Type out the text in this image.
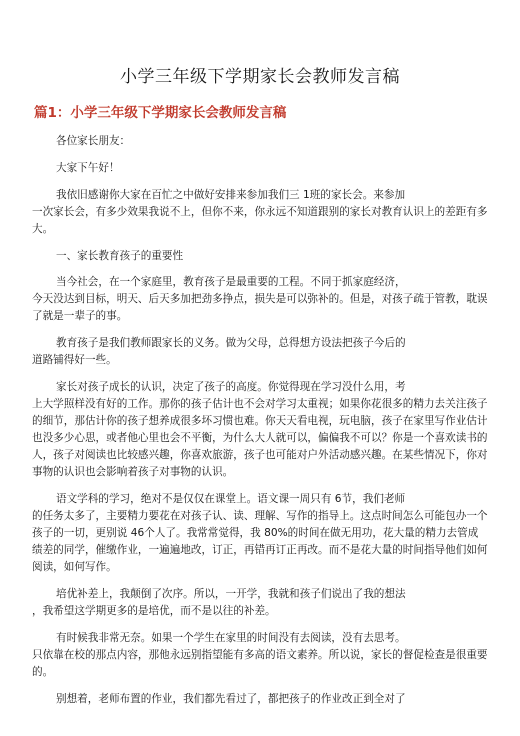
小学三年级下学期家长会教师发言稿
篇1：小学三年级下学期家长会教师发言稿

各位家长朋友：

大家下午好！

我依旧感谢你大家在百忙之中做好安排来参加我们三 1班的家长会。来参加
一次家长会，有多少效果我说不上，但你不来，你永远不知道跟别的家长对教育认识上的差距有多大。

一、家长教育孩子的重要性

当今社会，在一个家庭里，教育孩子是最重要的工程。不同于抓家庭经济，
今天没达到目标，明天、后天多加把劲多挣点，损失是可以弥补的。但是，对孩子疏于管教，耽误了就是一辈子的事。

教育孩子是我们教师跟家长的义务。做为父母，总得想方设法把孩子今后的
道路铺得好一些。

家长对孩子成长的认识，决定了孩子的高度。你觉得现在学习没什么用，考
上大学照样没有好的工作。那你的孩子估计也不会对学习太重视；如果你花很多的精力去关注孩子的细节，那估计你的孩子想养成很多坏习惯也难。你天天看电视，玩电脑，孩子在家里写作业估计也没多少心思，或者他心里也会不平衡，为什么大人就可以，偏偏我不可以？你是一个喜欢读书的人，孩子对阅读也比较感兴趣，你喜欢旅游，孩子也可能对户外活动感兴趣。在某些情况下，你对事物的认识也会影响着孩子对事物的认识。

语文学科的学习，绝对不是仅仅在课堂上。语文课一周只有 6节，我们老师
的任务太多了，主要精力要花在对孩子认、读、理解、写作的指导上。这点时间怎么可能包办一个孩子的一切，更别说 46个人了。我常常觉得，我 80%的时间在做无用功，花大量的精力去管成绩差的同学，催缴作业，一遍遍地改，订正，再错再订正再改。而不是花大量的时间指导他们如何阅读，如何写作。

培优补差上，我颠倒了次序。所以，一开学，我就和孩子们说出了我的想法
，我希望这学期更多的是培优，而不是以往的补差。

有时候我非常无奈。如果一个学生在家里的时间没有去阅读，没有去思考。
只依靠在校的那点内容，那他永远别指望能有多高的语文素养。所以说，家长的督促检查是很重要的。

别想着，老师布置的作业，我们都先看过了，都把孩子的作业改正到全对了
